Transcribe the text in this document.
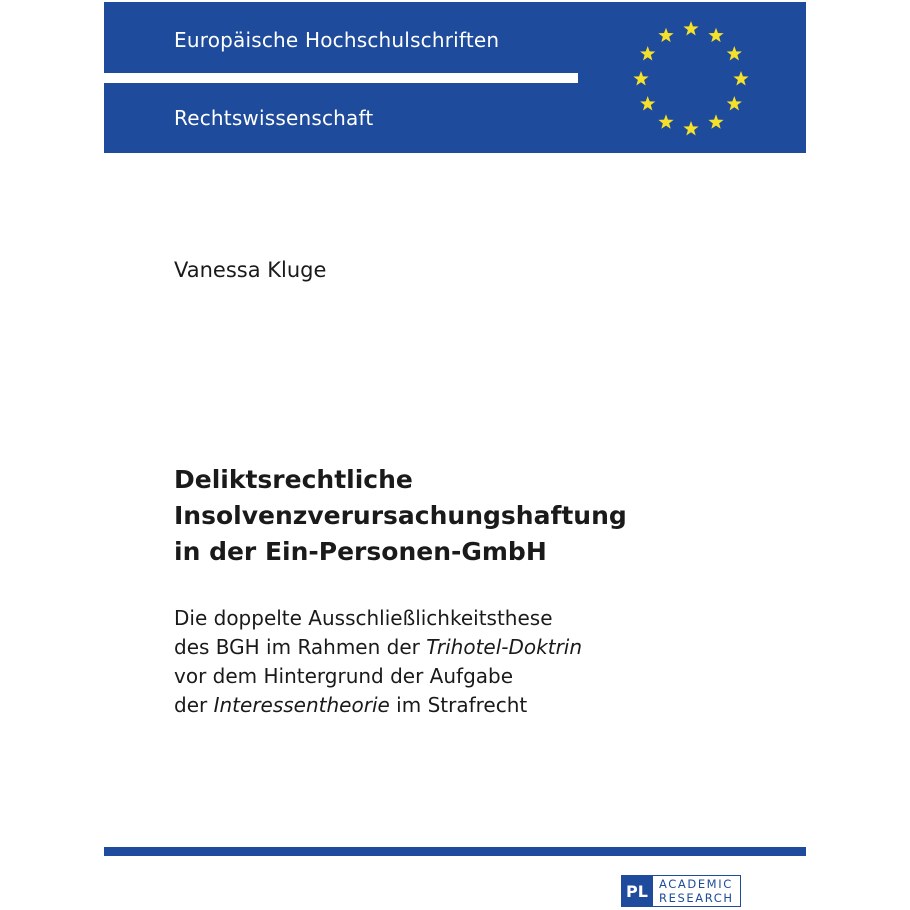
Europäische Hochschulschriften
Rechtswissenschaft
Vanessa Kluge
Deliktsrechtliche
Insolvenzverursachungshaftung
in der Ein-Personen-GmbH
Die doppelte Ausschließlichkeitsthese
des BGH im Rahmen der Trihotel-Doktrin
vor dem Hintergrund der Aufgabe
der Interessentheorie im Strafrecht
PL ACADEMIC
RESEARCH
